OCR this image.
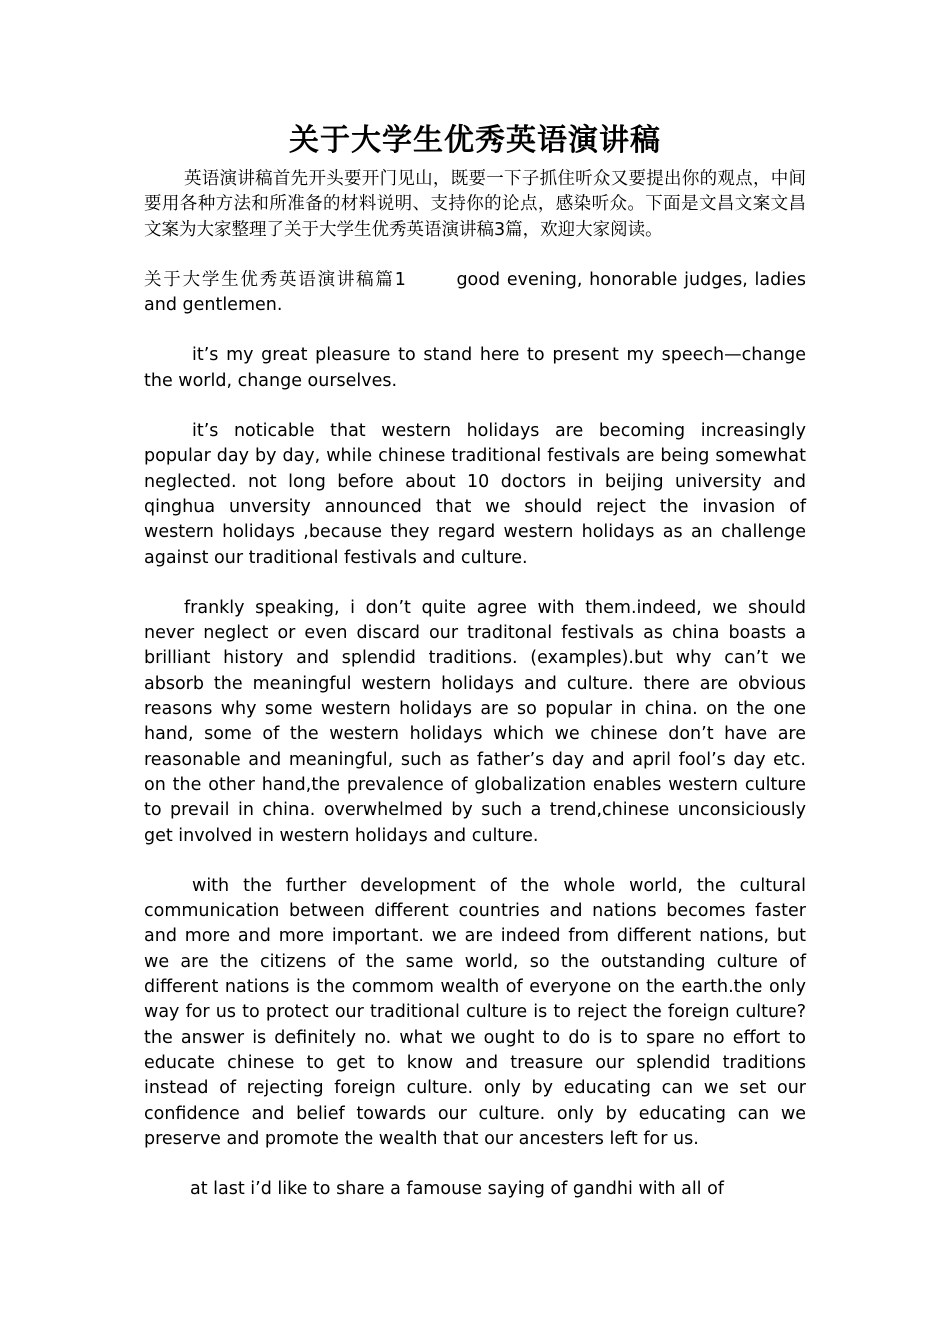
关于大学生优秀英语演讲稿

英语演讲稿首先开头要开门见山，既要一下子抓住听众又要提出你的观点，中间要用各种方法和所准备的材料说明、支持你的论点，感染听众。下面是文昌文案文昌文案为大家整理了关于大学生优秀英语演讲稿3篇，欢迎大家阅读。

关于大学生优秀英语演讲稿篇1	good evening, honorable judges, ladies and gentlemen.

it’s my great pleasure to stand here to present my speech—change the world, change ourselves.

it’s noticable that western holidays are becoming increasingly popular day by day, while chinese traditional festivals are being somewhat neglected. not long before about 10 doctors in beijing university and qinghua unversity announced that we should reject the invasion of western holidays ,because they regard western holidays as an challenge against our traditional festivals and culture.

frankly speaking, i don’t quite agree with them.indeed, we should never neglect or even discard our traditonal festivals as china boasts a brilliant history and splendid traditions. (examples).but why can’t we absorb the meaningful western holidays and culture. there are obvious reasons why some western holidays are so popular in china. on the one hand, some of the western holidays which we chinese don’t have are reasonable and meaningful, such as father’s day and april fool’s day etc. on the other hand,the prevalence of globalization enables western culture to prevail in china. overwhelmed by such a trend,chinese unconsiciously get involved in western holidays and culture.

with the further development of the whole world, the cultural communication between different countries and nations becomes faster and more and more important. we are indeed from different nations, but we are the citizens of the same world, so the outstanding culture of different nations is the commom wealth of everyone on the earth.the only way for us to protect our traditional culture is to reject the foreign culture? the answer is definitely no. what we ought to do is to spare no effort to educate chinese to get to know and treasure our splendid traditions instead of rejecting foreign culture. only by educating can we set our confidence and belief towards our culture. only by educating can we preserve and promote the wealth that our ancesters left for us.

at last i’d like to share a famouse saying of gandhi with all of
